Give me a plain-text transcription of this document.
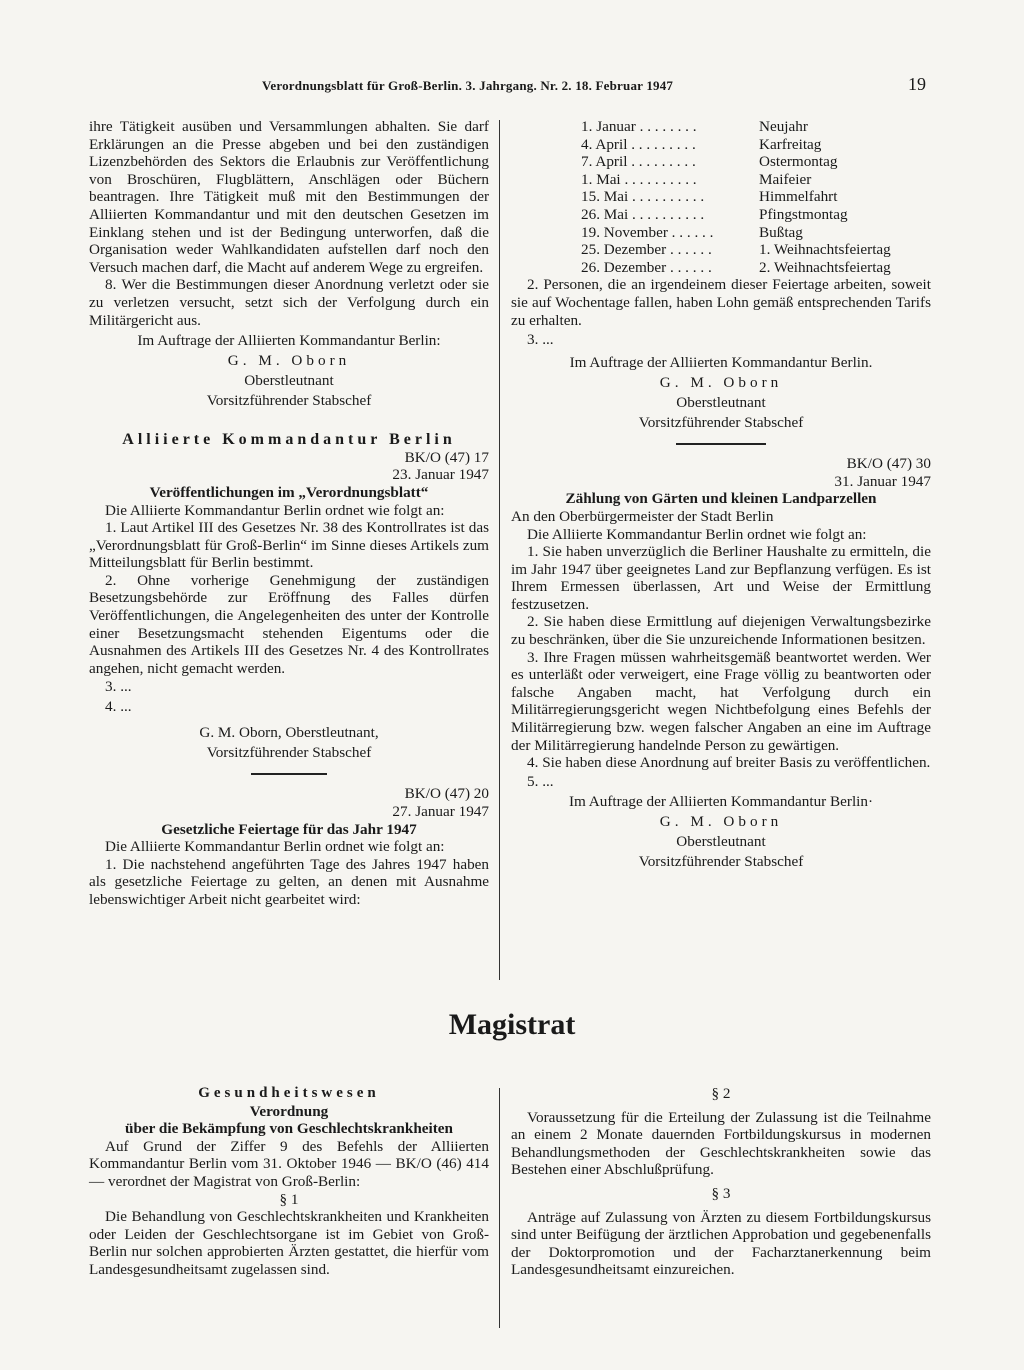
Verordnungsblatt für Groß-Berlin. 3. Jahrgang. Nr. 2. 18. Februar 1947	19

ihre Tätigkeit ausüben und Versammlungen abhalten. Sie darf Erklärungen an die Presse abgeben und bei den zuständigen Lizenzbehörden des Sektors die Erlaubnis zur Veröffentlichung von Broschüren, Flugblättern, Anschlägen oder Büchern beantragen. Ihre Tätigkeit muß mit den Bestimmungen der Alliierten Kommandantur und mit den deutschen Gesetzen im Einklang stehen und ist der Bedingung unterworfen, daß die Organisation weder Wahlkandidaten aufstellen darf noch den Versuch machen darf, die Macht auf anderem Wege zu ergreifen.

8. Wer die Bestimmungen dieser Anordnung verletzt oder sie zu verletzen versucht, setzt sich der Verfolgung durch ein Militärgericht aus.

Im Auftrage der Alliierten Kommandantur Berlin:
G. M. Oborn
Oberstleutnant
Vorsitzführender Stabschef
Alliierte Kommandantur Berlin
BK/O (47) 17
23. Januar 1947
Veröffentlichungen im „Verordnungsblatt“

Die Alliierte Kommandantur Berlin ordnet wie folgt an:

1. Laut Artikel III des Gesetzes Nr. 38 des Kontrollrates ist das „Verordnungsblatt für Groß-Berlin“ im Sinne dieses Artikels zum Mitteilungsblatt für Berlin bestimmt.

2. Ohne vorherige Genehmigung der zuständigen Besetzungsbehörde zur Eröffnung des Falles dürfen Veröffentlichungen, die Angelegenheiten des unter der Kontrolle einer Besetzungsmacht stehenden Eigentums oder die Ausnahmen des Artikels III des Gesetzes Nr. 4 des Kontrollrates angehen, nicht gemacht werden.

3. ...

4. ...

G. M. Oborn, Oberstleutnant,
Vorsitzführender Stabschef
BK/O (47) 20
27. Januar 1947
Gesetzliche Feiertage für das Jahr 1947

Die Alliierte Kommandantur Berlin ordnet wie folgt an:

1. Die nachstehend angeführten Tage des Jahres 1947 haben als gesetzliche Feiertage zu gelten, an denen mit Ausnahme lebenswichtiger Arbeit nicht gearbeitet wird:

1. Januar . . . . . . . .	Neujahr
4. April . . . . . . . . .	Karfreitag
7. April . . . . . . . . .	Ostermontag
1. Mai . . . . . . . . . .	Maifeier
15. Mai . . . . . . . . . .	Himmelfahrt
26. Mai . . . . . . . . . .	Pfingstmontag
19. November . . . . . .	Bußtag
25. Dezember . . . . . .	1. Weihnachtsfeiertag
26. Dezember . . . . . .	2. Weihnachtsfeiertag

2. Personen, die an irgendeinem dieser Feiertage arbeiten, soweit sie auf Wochentage fallen, haben Lohn gemäß entsprechenden Tarifs zu erhalten.

3. ...

Im Auftrage der Alliierten Kommandantur Berlin.
G. M. Oborn
Oberstleutnant
Vorsitzführender Stabschef
BK/O (47) 30
31. Januar 1947
Zählung von Gärten und kleinen Landparzellen

An den Oberbürgermeister der Stadt Berlin

Die Alliierte Kommandantur Berlin ordnet wie folgt an:

1. Sie haben unverzüglich die Berliner Haushalte zu ermitteln, die im Jahr 1947 über geeignetes Land zur Bepflanzung verfügen. Es ist Ihrem Ermessen überlassen, Art und Weise der Ermittlung festzusetzen.

2. Sie haben diese Ermittlung auf diejenigen Verwaltungsbezirke zu beschränken, über die Sie unzureichende Informationen besitzen.

3. Ihre Fragen müssen wahrheitsgemäß beantwortet werden. Wer es unterläßt oder verweigert, eine Frage völlig zu beantworten oder falsche Angaben macht, hat Verfolgung durch ein Militärregierungsgericht wegen Nichtbefolgung eines Befehls der Militärregierung bzw. wegen falscher Angaben an eine im Auftrage der Militärregierung handelnde Person zu gewärtigen.

4. Sie haben diese Anordnung auf breiter Basis zu veröffentlichen.

5. ...

Im Auftrage der Alliierten Kommandantur Berlin·
G. M. Oborn
Oberstleutnant
Vorsitzführender Stabschef
Magistrat
Gesundheitswesen
Verordnung
über die Bekämpfung von Geschlechtskrankheiten

Auf Grund der Ziffer 9 des Befehls der Alliierten Kommandantur Berlin vom 31. Oktober 1946 — BK/O (46) 414 — verordnet der Magistrat von Groß-Berlin:

§ 1

Die Behandlung von Geschlechtskrankheiten und Krankheiten oder Leiden der Geschlechtsorgane ist im Gebiet von Groß-Berlin nur solchen approbierten Ärzten gestattet, die hierfür vom Landesgesundheitsamt zugelassen sind.

§ 2

Voraussetzung für die Erteilung der Zulassung ist die Teilnahme an einem 2 Monate dauernden Fortbildungskursus in modernen Behandlungsmethoden der Geschlechtskrankheiten sowie das Bestehen einer Abschlußprüfung.

§ 3

Anträge auf Zulassung von Ärzten zu diesem Fortbildungskursus sind unter Beifügung der ärztlichen Approbation und gegebenenfalls der Doktorpromotion und der Facharztanerkennung beim Landesgesundheitsamt einzureichen.
